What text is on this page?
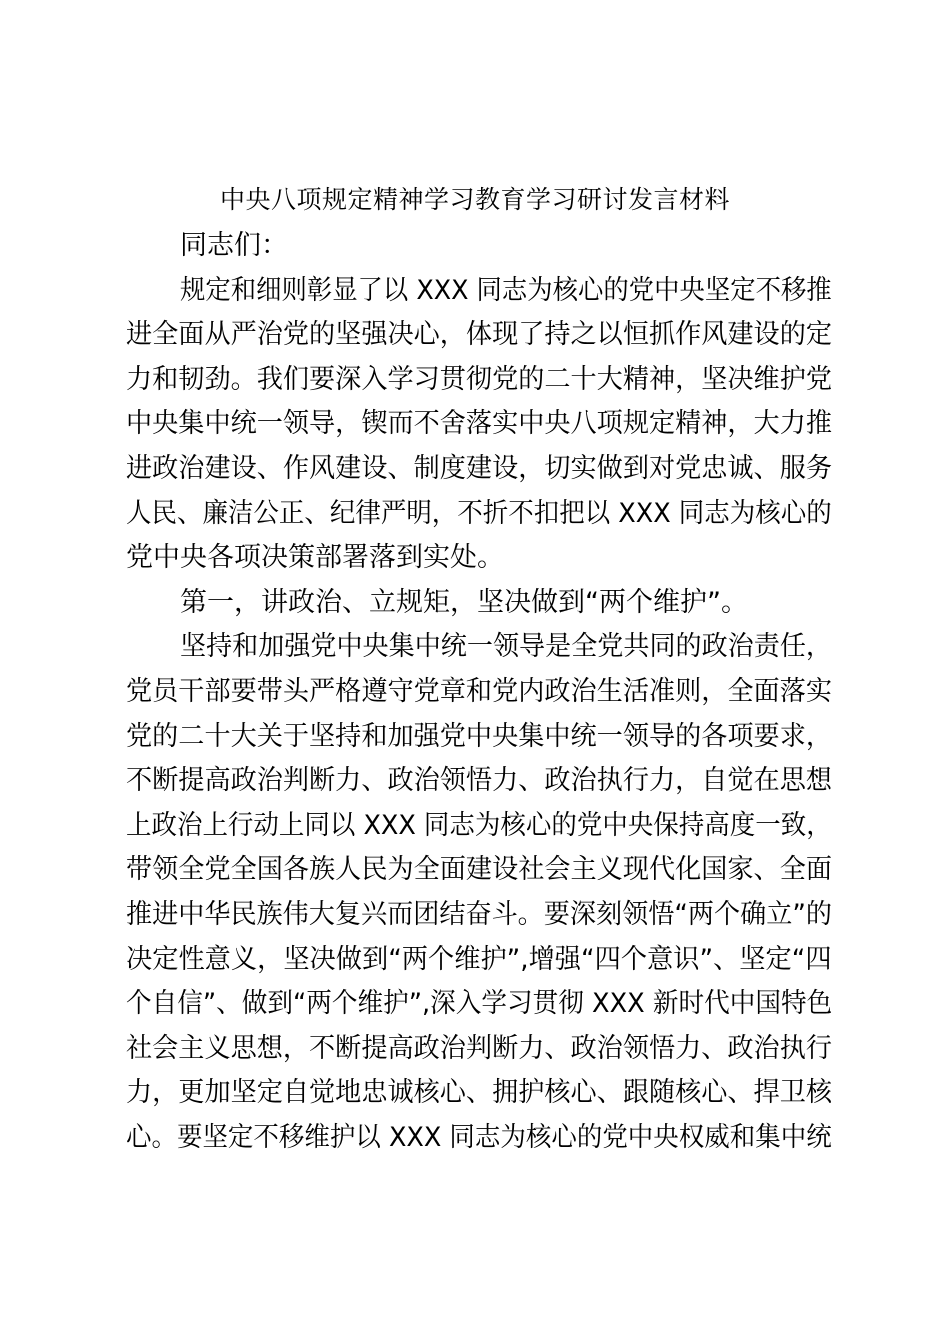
中央八项规定精神学习教育学习研讨发言材料
同志们：
规定和细则彰显了以 XXX 同志为核心的党中央坚定不移推
进全面从严治党的坚强决心，体现了持之以恒抓作风建设的定
力和韧劲。我们要深入学习贯彻党的二十大精神，坚决维护党
中央集中统一领导，锲而不舍落实中央八项规定精神，大力推
进政治建设、作风建设、制度建设，切实做到对党忠诚、服务
人民、廉洁公正、纪律严明，不折不扣把以 XXX 同志为核心的
党中央各项决策部署落到实处。
第一，讲政治、立规矩，坚决做到“两个维护”。
坚持和加强党中央集中统一领导是全党共同的政治责任，
党员干部要带头严格遵守党章和党内政治生活准则，全面落实
党的二十大关于坚持和加强党中央集中统一领导的各项要求，
不断提高政治判断力、政治领悟力、政治执行力，自觉在思想
上政治上行动上同以 XXX 同志为核心的党中央保持高度一致，
带领全党全国各族人民为全面建设社会主义现代化国家、全面
推进中华民族伟大复兴而团结奋斗。要深刻领悟“两个确立”的
决定性意义，坚决做到“两个维护”,增强“四个意识”、坚定“四
个自信”、做到“两个维护”,深入学习贯彻 XXX 新时代中国特色
社会主义思想，不断提高政治判断力、政治领悟力、政治执行
力，更加坚定自觉地忠诚核心、拥护核心、跟随核心、捍卫核
心。要坚定不移维护以 XXX 同志为核心的党中央权威和集中统
